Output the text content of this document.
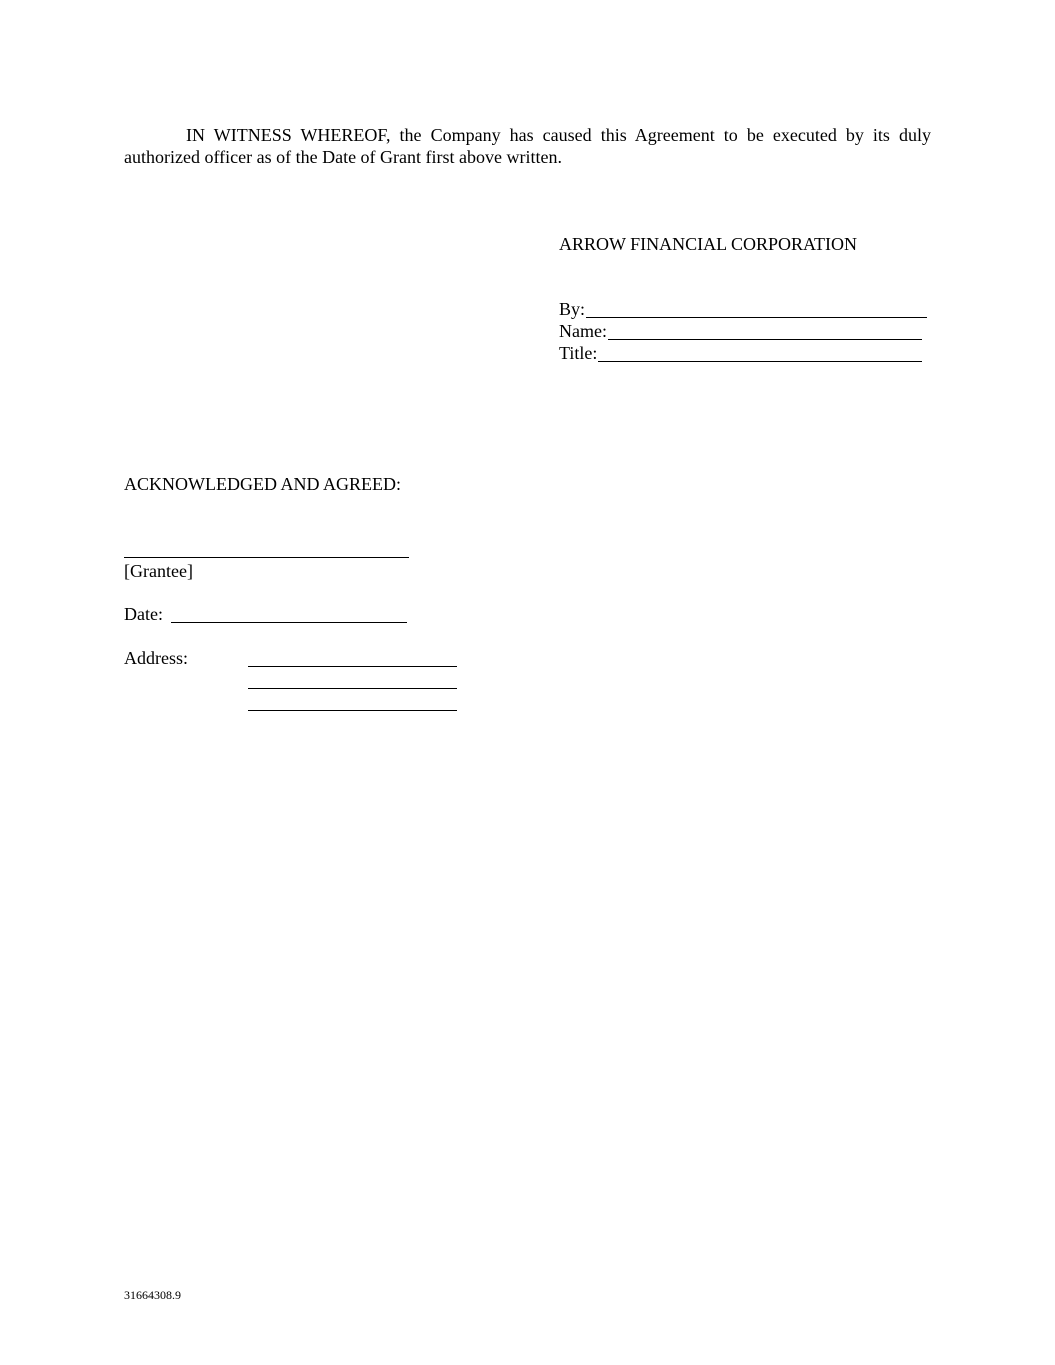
IN WITNESS WHEREOF, the Company has caused this Agreement to be executed by its duly authorized officer as of the Date of Grant first above written.
ARROW FINANCIAL CORPORATION
By:
Name:
Title:
ACKNOWLEDGED AND AGREED:
[Grantee]
Date:
Address:
31664308.9
